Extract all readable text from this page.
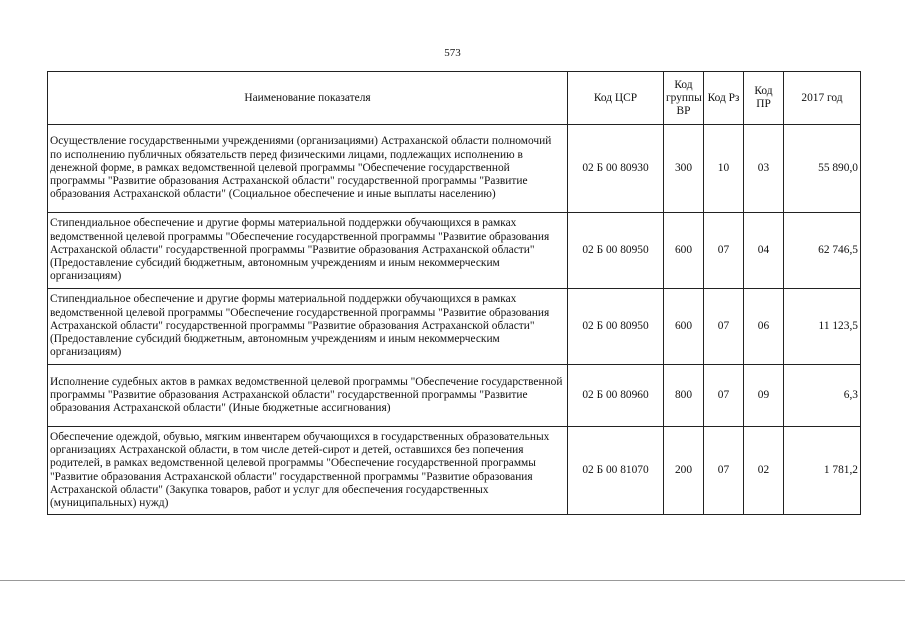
573
Наименование показателя	Код ЦСР	Код группы ВР	Код Рз	Код ПР	2017 год
Осуществление государственными учреждениями (организациями) Астраханской области полномочий по исполнению публичных обязательств перед физическими лицами, подлежащих исполнению в денежной форме, в рамках ведомственной целевой программы "Обеспечение государственной программы "Развитие образования Астраханской области" государственной программы "Развитие образования Астраханской области" (Социальное обеспечение и иные выплаты населению)	02 Б 00 80930	300	10	03	55 890,0
Стипендиальное обеспечение и другие формы материальной поддержки обучающихся в рамках ведомственной целевой программы "Обеспечение государственной программы "Развитие образования Астраханской области" государственной программы "Развитие образования Астраханской области" (Предоставление субсидий бюджетным, автономным учреждениям и иным некоммерческим организациям)	02 Б 00 80950	600	07	04	62 746,5
Стипендиальное обеспечение и другие формы материальной поддержки обучающихся в рамках ведомственной целевой программы "Обеспечение государственной программы "Развитие образования Астраханской области" государственной программы "Развитие образования Астраханской области" (Предоставление субсидий бюджетным, автономным учреждениям и иным некоммерческим организациям)	02 Б 00 80950	600	07	06	11 123,5
Исполнение судебных актов в рамках ведомственной целевой программы "Обеспечение государственной программы "Развитие образования Астраханской области" государственной программы "Развитие образования Астраханской области" (Иные бюджетные ассигнования)	02 Б 00 80960	800	07	09	6,3
Обеспечение одеждой, обувью, мягким инвентарем обучающихся в государственных образовательных организациях Астраханской области, в том числе детей-сирот и детей, оставшихся без попечения родителей, в рамках ведомственной целевой программы "Обеспечение государственной программы "Развитие образования Астраханской области" государственной программы "Развитие образования Астраханской области" (Закупка товаров, работ и услуг для обеспечения государственных (муниципальных) нужд)	02 Б 00 81070	200	07	02	1 781,2
